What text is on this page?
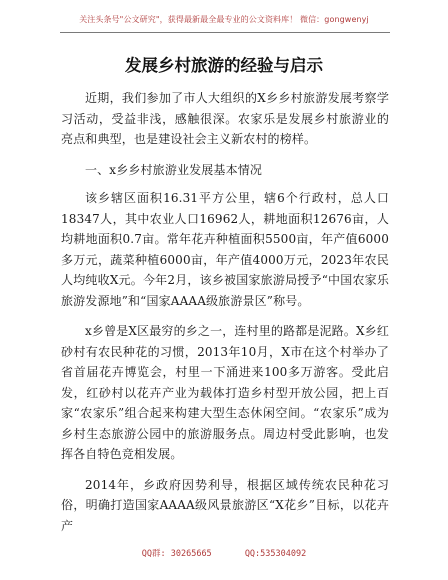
关注头条号"公文研究"，获得最新最全最专业的公文资料库！ 微信：gongwenyj
发展乡村旅游的经验与启示

近期，我们参加了市人大组织的X乡乡村旅游发展考察学习活动，受益非浅，感触很深。农家乐是发展乡村旅游业的亮点和典型，也是建设社会主义新农村的榜样。

一、x乡乡村旅游业发展基本情况

该乡辖区面积16.31平方公里，辖6个行政村，总人口18347人，其中农业人口16962人，耕地面积12676亩，人均耕地面积0.7亩。常年花卉种植面积5500亩，年产值6000多万元，蔬菜种植6000亩，年产值4000万元，2023年农民人均纯收X元。今年2月，该乡被国家旅游局授予“中国农家乐旅游发源地”和“国家AAAA级旅游景区”称号。

x乡曾是X区最穷的乡之一，连村里的路都是泥路。X乡红砂村有农民种花的习惯，2013年10月，X市在这个村举办了省首届花卉博览会，村里一下涌进来100多万游客。受此启发，红砂村以花卉产业为载体打造乡村型开放公园，把上百家“农家乐”组合起来构建大型生态休闲空间。“农家乐”成为乡村生态旅游公园中的旅游服务点。周边村受此影响，也发挥各自特色竞相发展。

2014年，乡政府因势利导，根据区域传统农民种花习俗，明确打造国家AAAA级风景旅游区“X花乡”目标，以花卉产

QQ群: 30265665	QQ:535304092
